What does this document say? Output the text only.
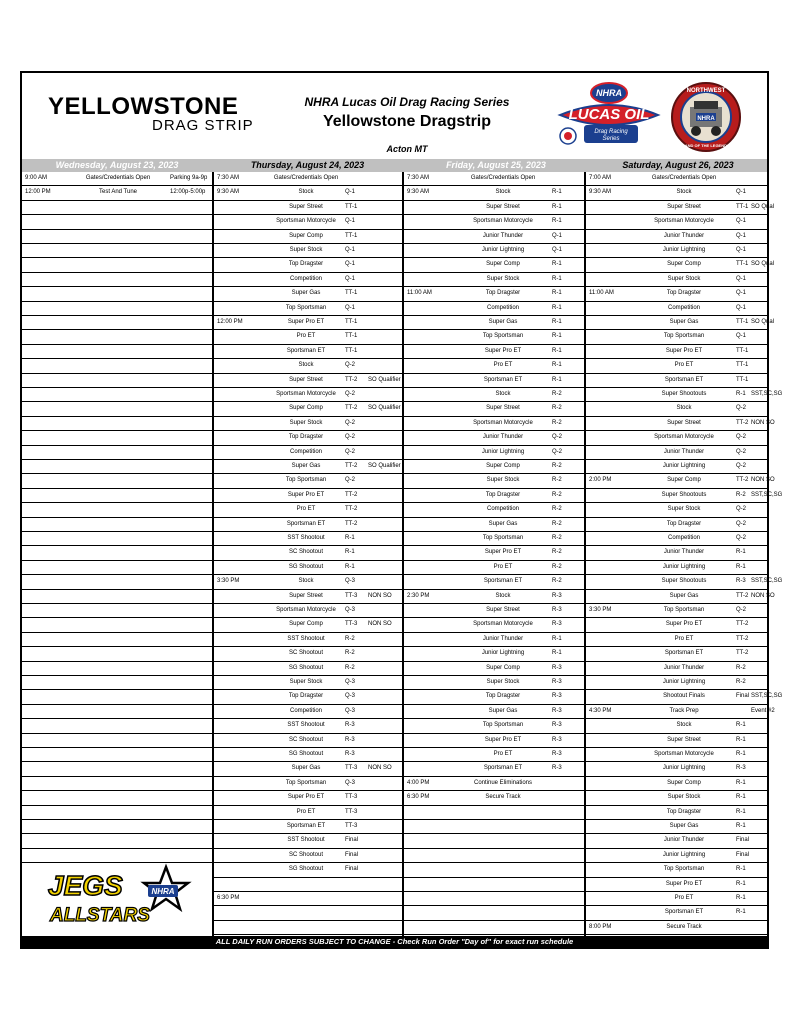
YELLOWSTONE
DRAG STRIP
NHRA Lucas Oil Drag Racing Series
Yellowstone Dragstrip
Acton MT
NHRA
LUCAS OIL
Drag Racing
Series
NORTHWEST
NHRA
LAND OF THE LEGENDS
Wednesday, August 23, 2023	Thursday, August 24, 2023	Friday, August 25, 2023	Saturday, August 26, 2023
9:00 AM	Gates/Credentials Open	Parking 9a-9p
12:00 PM	Test And Tune	12:00p-5:00p
7:30 AM	Gates/Credentials Open
9:30 AM	Stock	Q-1
Super Street	TT-1
Sportsman Motorcycle	Q-1
Super Comp	TT-1
Super Stock	Q-1
Top Dragster	Q-1
Competition	Q-1
Super Gas	TT-1
Top Sportsman	Q-1
12:00 PM	Super Pro ET	TT-1
Pro ET	TT-1
Sportsman ET	TT-1
Stock	Q-2
Super Street	TT-2	SO Qualifier
Sportsman Motorcycle	Q-2
Super Comp	TT-2	SO Qualifier
Super Stock	Q-2
Top Dragster	Q-2
Competition	Q-2
Super Gas	TT-2	SO Qualifier
Top Sportsman	Q-2
Super Pro ET	TT-2
Pro ET	TT-2
Sportsman ET	TT-2
SST Shootout	R-1
SC Shootout	R-1
SG Shootout	R-1
3:30 PM	Stock	Q-3
Super Street	TT-3	NON SO
Sportsman Motorcycle	Q-3
Super Comp	TT-3	NON SO
SST Shootout	R-2
SC Shootout	R-2
SG Shootout	R-2
Super Stock	Q-3
Top Dragster	Q-3
Competition	Q-3
SST Shootout	R-3
SC Shootout	R-3
SG Shootout	R-3
Super Gas	TT-3	NON SO
Top Sportsman	Q-3
Super Pro ET	TT-3
Pro ET	TT-3
Sportsman ET	TT-3
SST Shootout	Final
SC Shootout	Final
SG Shootout	Final
6:30 PM
7:30 AM	Gates/Credentials Open
9:30 AM	Stock	R-1
Super Street	R-1
Sportsman Motorcycle	R-1
Junior Thunder	Q-1
Junior Lightning	Q-1
Super Comp	R-1
Super Stock	R-1
11:00 AM	Top Dragster	R-1
Competition	R-1
Super Gas	R-1
Top Sportsman	R-1
Super Pro ET	R-1
Pro ET	R-1
Sportsman ET	R-1
Stock	R-2
Super Street	R-2
Sportsman Motorcycle	R-2
Junior Thunder	Q-2
Junior Lightning	Q-2
Super Comp	R-2
Super Stock	R-2
Top Dragster	R-2
Competition	R-2
Super Gas	R-2
Top Sportsman	R-2
Super Pro ET	R-2
Pro ET	R-2
Sportsman ET	R-2
2:30 PM	Stock	R-3
Super Street	R-3
Sportsman Motorcycle	R-3
Junior Thunder	R-1
Junior Lightning	R-1
Super Comp	R-3
Super Stock	R-3
Top Dragster	R-3
Super Gas	R-3
Top Sportsman	R-3
Super Pro ET	R-3
Pro ET	R-3
Sportsman ET	R-3
4:00 PM	Continue Eliminations
6:30 PM	Secure Track
7:00 AM	Gates/Credentials Open
9:30 AM	Stock	Q-1
Super Street	TT-1 SO Qual
Sportsman Motorcycle	Q-1
Junior Thunder	Q-1
Junior Lightning	Q-1
Super Comp	TT-1 SO Qual
Super Stock	Q-1
11:00 AM	Top Dragster	Q-1
Competition	Q-1
Super Gas	TT-1 SO Qual
Top Sportsman	Q-1
Super Pro ET	TT-1
Pro ET	TT-1
Sportsman ET	TT-1
Super Shootouts	R-1 SST,SC,SG
Stock	Q-2
Super Street	TT-2 NON SO
Sportsman Motorcycle	Q-2
Junior Thunder	Q-2
Junior Lightning	Q-2
2:00 PM	Super Comp	TT-2 NON SO
Super Shootouts	R-2 SST,SC,SG
Super Stock	Q-2
Top Dragster	Q-2
Competition	Q-2
Junior Thunder	R-1
Junior Lightning	R-1
Super Shootouts	R-3 SST,SC,SG
Super Gas	TT-2 NON SO
3:30 PM	Top Sportsman	Q-2
Super Pro ET	TT-2
Pro ET	TT-2
Sportsman ET	TT-2
Junior Thunder	R-2
Junior Lightning	R-2
Shootout Finals	Final SST,SC,SG
4:30 PM	Track Prep	Event #2
Stock	R-1
Super Street	R-1
Sportsman Motorcycle	R-1
Junior Lightning	R-3
Super Comp	R-1
Super Stock	R-1
Top Dragster	R-1
Super Gas	R-1
Junior Thunder	Final
Junior Lightning	Final
Top Sportsman	R-1
Super Pro ET	R-1
Pro ET	R-1
Sportsman ET	R-1
8:00 PM	Secure Track
JEGS	NHRA
ALLSTARS
ALL DAILY RUN ORDERS SUBJECT TO CHANGE - Check Run Order "Day of" for exact run schedule
